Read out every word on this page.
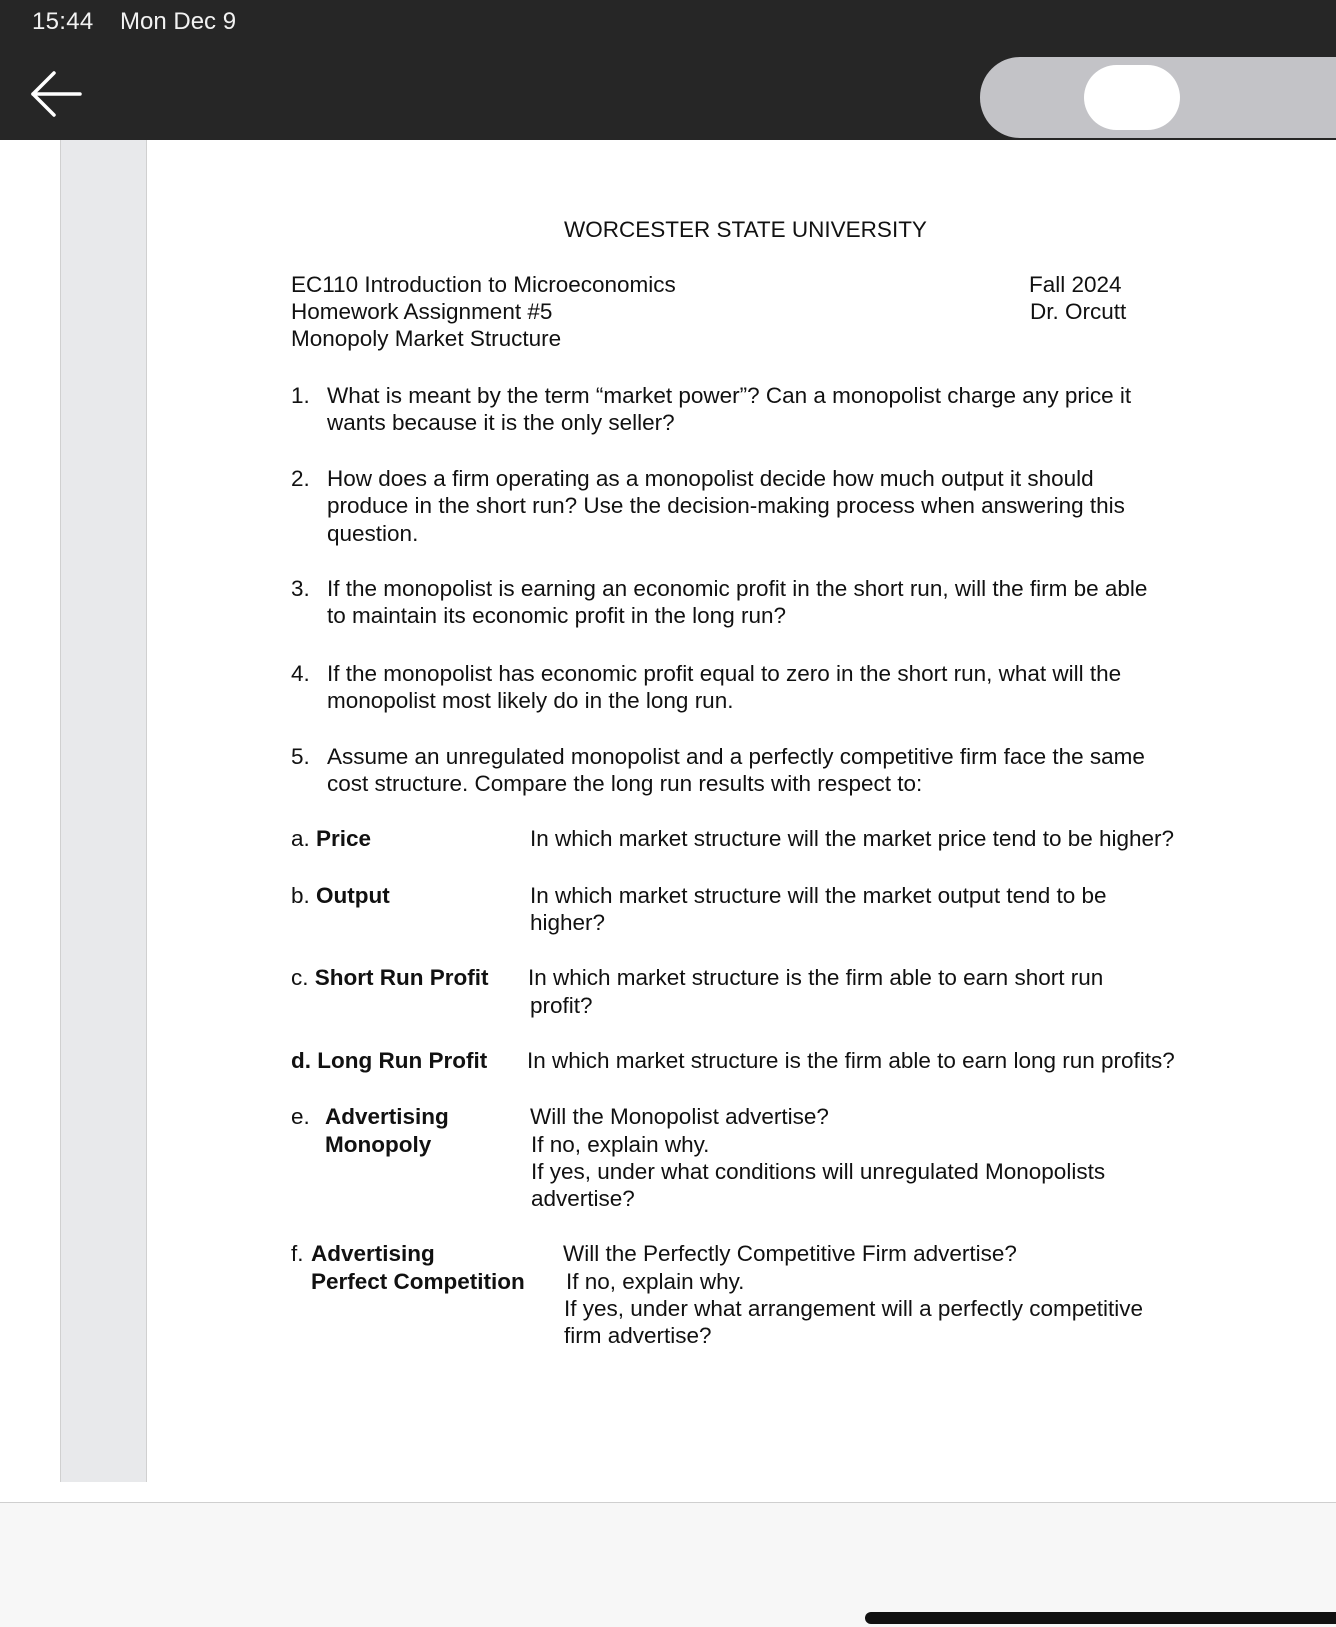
15:44 Mon Dec 9
WORCESTER STATE UNIVERSITY
EC110 Introduction to Microeconomics
Homework Assignment #5
Monopoly Market Structure
Fall 2024
Dr. Orcutt
1. What is meant by the term “market power”? Can a monopolist charge any price it
wants because it is the only seller?
2. How does a firm operating as a monopolist decide how much output it should
produce in the short run? Use the decision-making process when answering this
question.
3. If the monopolist is earning an economic profit in the short run, will the firm be able
to maintain its economic profit in the long run?
4. If the monopolist has economic profit equal to zero in the short run, what will the
monopolist most likely do in the long run.
5. Assume an unregulated monopolist and a perfectly competitive firm face the same
cost structure. Compare the long run results with respect to:
a. Price	In which market structure will the market price tend to be higher?
b. Output	In which market structure will the market output tend to be
higher?
c. Short Run Profit In which market structure is the firm able to earn short run
profit?
d. Long Run Profit In which market structure is the firm able to earn long run profits?
e. Advertising
Monopoly
Will the Monopolist advertise?
If no, explain why.
If yes, under what conditions will unregulated Monopolists
advertise?
f. Advertising
Perfect Competition
Will the Perfectly Competitive Firm advertise?
If no, explain why.
If yes, under what arrangement will a perfectly competitive
firm advertise?
